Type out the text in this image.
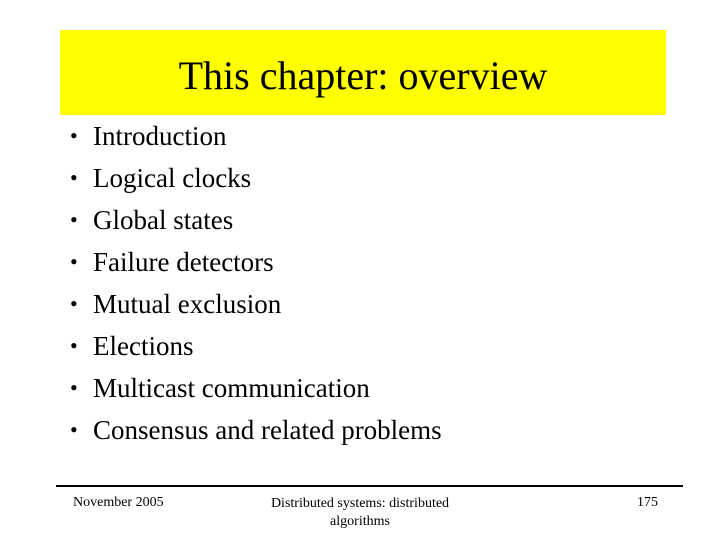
This chapter: overview
• Introduction
• Logical clocks
• Global states
• Failure detectors
• Mutual exclusion
• Elections
• Multicast communication
• Consensus and related problems
November 2005	Distributed systems: distributed
algorithms
175
